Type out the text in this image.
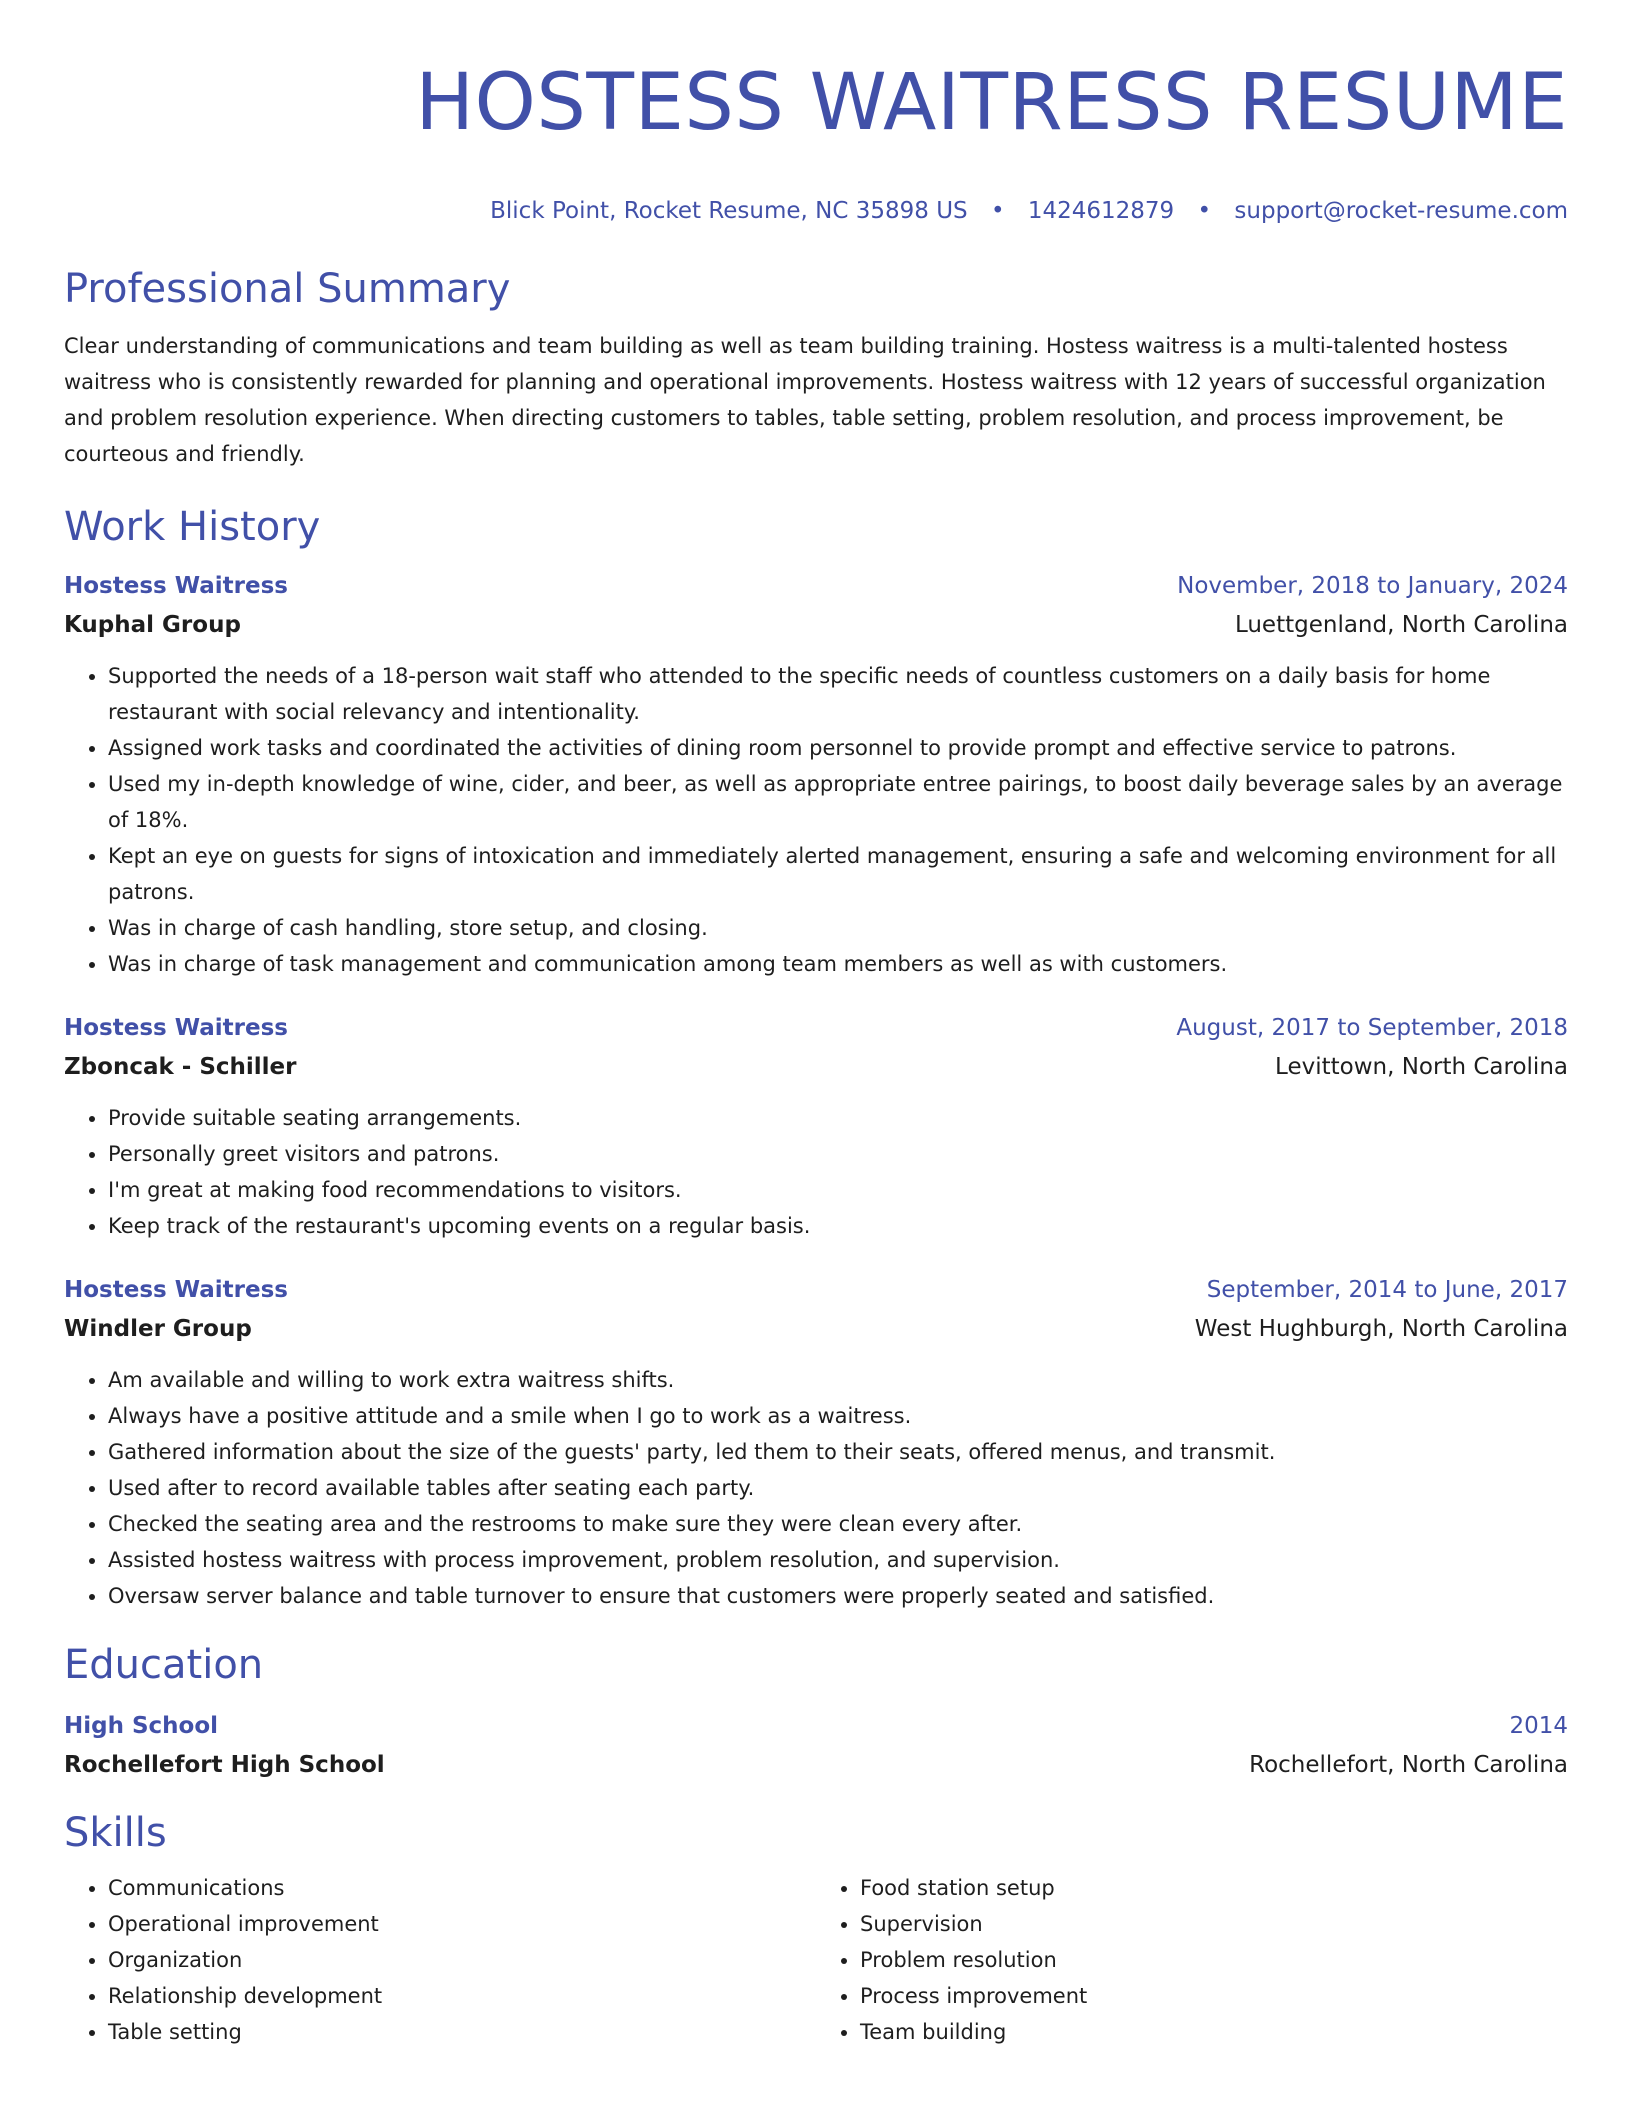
HOSTESS WAITRESS RESUME
Blick Point, Rocket Resume, NC 35898 US • 1424612879 • support@rocket-resume.com
Professional Summary

Clear understanding of communications and team building as well as team building training. Hostess waitress is a multi-talented hostess waitress who is consistently rewarded for planning and operational improvements. Hostess waitress with 12 years of successful organization and problem resolution experience. When directing customers to tables, table setting, problem resolution, and process improvement, be courteous and friendly.

Work History
Hostess Waitress	November, 2018 to January, 2024
Kuphal Group	Luettgenland, North Carolina
• Supported the needs of a 18-person wait staff who attended to the specific needs of countless customers on a daily basis for home restaurant with social relevancy and intentionality.
• Assigned work tasks and coordinated the activities of dining room personnel to provide prompt and effective service to patrons.
• Used my in-depth knowledge of wine, cider, and beer, as well as appropriate entree pairings, to boost daily beverage sales by an average of 18%.
• Kept an eye on guests for signs of intoxication and immediately alerted management, ensuring a safe and welcoming environment for all patrons.
• Was in charge of cash handling, store setup, and closing.
• Was in charge of task management and communication among team members as well as with customers.
Hostess Waitress	August, 2017 to September, 2018
Zboncak - Schiller	Levittown, North Carolina
• Provide suitable seating arrangements.
• Personally greet visitors and patrons.
• I'm great at making food recommendations to visitors.
• Keep track of the restaurant's upcoming events on a regular basis.
Hostess Waitress	September, 2014 to June, 2017
Windler Group	West Hughburgh, North Carolina
• Am available and willing to work extra waitress shifts.
• Always have a positive attitude and a smile when I go to work as a waitress.
• Gathered information about the size of the guests' party, led them to their seats, offered menus, and transmit.
• Used after to record available tables after seating each party.
• Checked the seating area and the restrooms to make sure they were clean every after.
• Assisted hostess waitress with process improvement, problem resolution, and supervision.
• Oversaw server balance and table turnover to ensure that customers were properly seated and satisfied.
Education
High School	2014
Rochellefort High School	Rochellefort, North Carolina
Skills
• Communications
• Operational improvement
• Organization
• Relationship development
• Table setting
• Food station setup
• Supervision
• Problem resolution
• Process improvement
• Team building
